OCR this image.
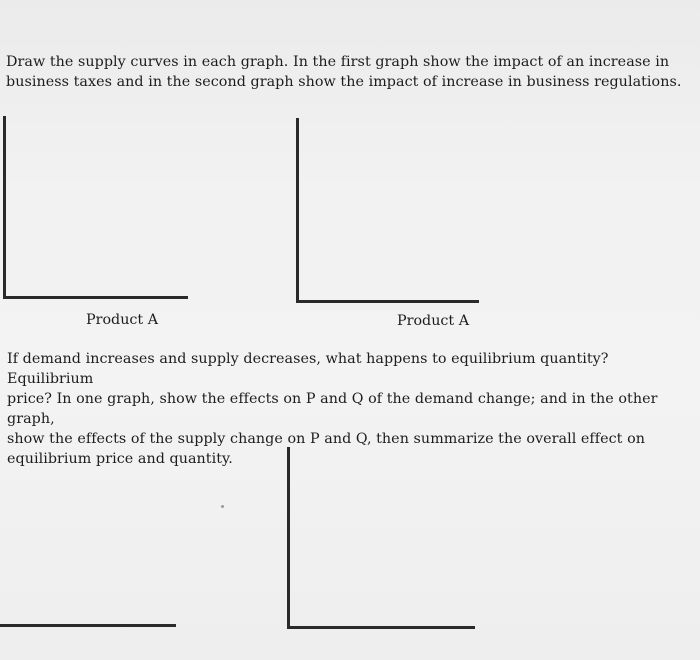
Draw the supply curves in each graph. In the first graph show the impact of an increase in
business taxes and in the second graph show the impact of increase in business regulations.

Product A	Product A

If demand increases and supply decreases, what happens to equilibrium quantity? Equilibrium
price? In one graph, show the effects on P and Q of the demand change; and in the other graph,
show the effects of the supply change on P and Q, then summarize the overall effect on
equilibrium price and quantity.
